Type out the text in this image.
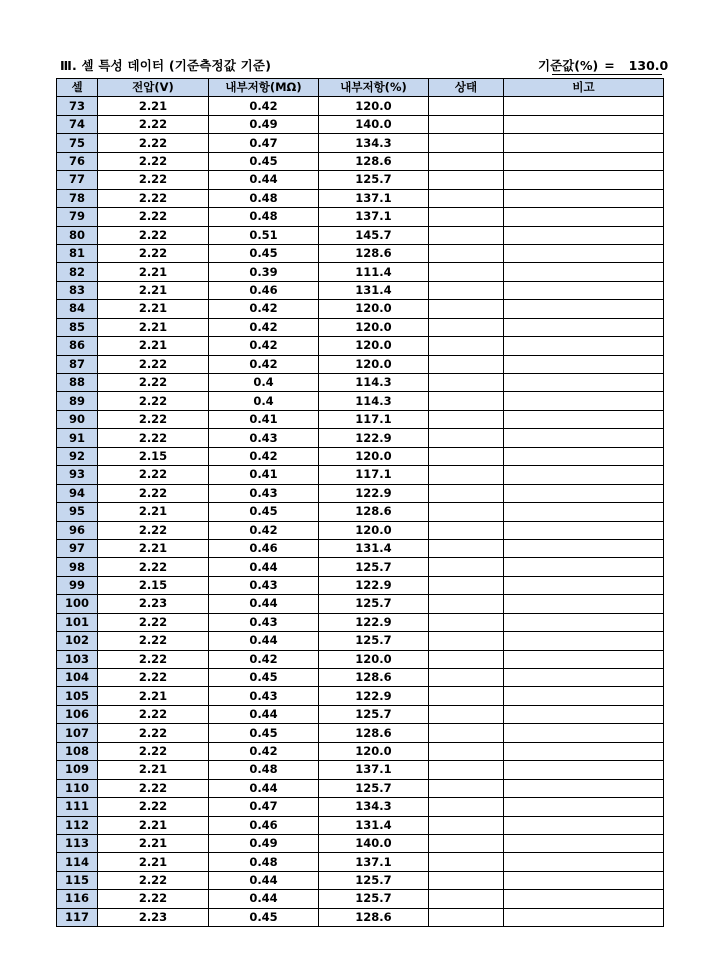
Ⅲ. 셀 특성 데이터 (기준측정값 기준)	기준값(%) = 130.0
셀	전압(V)	내부저항(MΩ)	내부저항(%)	상태	비고
73	2.21	0.42	120.0		
74	2.22	0.49	140.0		
75	2.22	0.47	134.3		
76	2.22	0.45	128.6		
77	2.22	0.44	125.7		
78	2.22	0.48	137.1		
79	2.22	0.48	137.1		
80	2.22	0.51	145.7		
81	2.22	0.45	128.6		
82	2.21	0.39	111.4		
83	2.21	0.46	131.4		
84	2.21	0.42	120.0		
85	2.21	0.42	120.0		
86	2.21	0.42	120.0		
87	2.22	0.42	120.0		
88	2.22	0.4	114.3		
89	2.22	0.4	114.3		
90	2.22	0.41	117.1		
91	2.22	0.43	122.9		
92	2.15	0.42	120.0		
93	2.22	0.41	117.1		
94	2.22	0.43	122.9		
95	2.21	0.45	128.6		
96	2.22	0.42	120.0		
97	2.21	0.46	131.4		
98	2.22	0.44	125.7		
99	2.15	0.43	122.9		
100	2.23	0.44	125.7		
101	2.22	0.43	122.9		
102	2.22	0.44	125.7		
103	2.22	0.42	120.0		
104	2.22	0.45	128.6		
105	2.21	0.43	122.9		
106	2.22	0.44	125.7		
107	2.22	0.45	128.6		
108	2.22	0.42	120.0		
109	2.21	0.48	137.1		
110	2.22	0.44	125.7		
111	2.22	0.47	134.3		
112	2.21	0.46	131.4		
113	2.21	0.49	140.0		
114	2.21	0.48	137.1		
115	2.22	0.44	125.7		
116	2.22	0.44	125.7		
117	2.23	0.45	128.6		
